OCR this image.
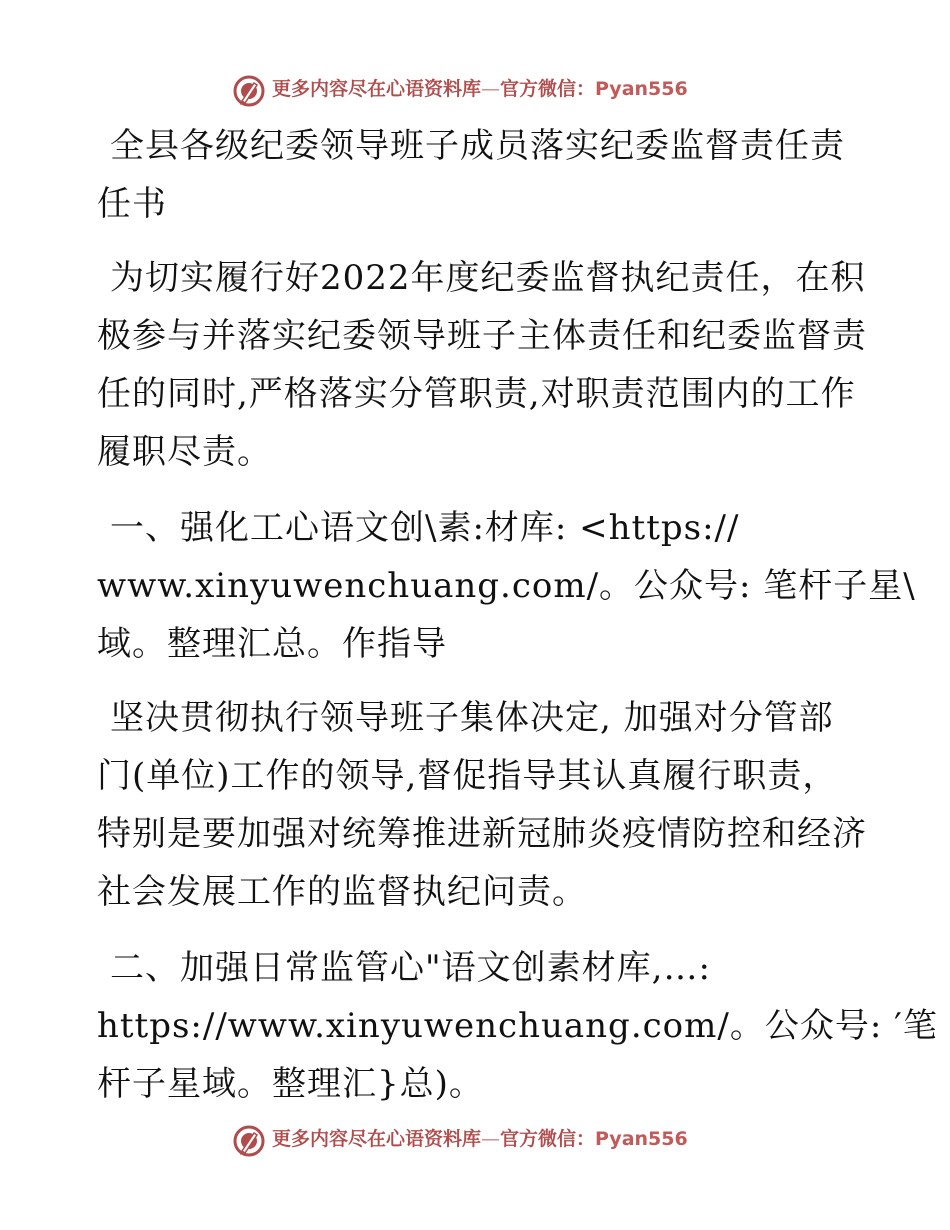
更多内容尽在心语资料库—官方微信：Pyan556
全县各级纪委领导班子成员落实纪委监督责任责
任书
为切实履行好2022年度纪委监督执纪责任，在积
极参与并落实纪委领导班子主体责任和纪委监督责
任的同时,严格落实分管职责,对职责范围内的工作
履职尽责。
一、强化工心语文创\素:材库: <https://
www.xinyuwenchuang.com/。公众号: 笔杆子星\
域。整理汇总。作指导
坚决贯彻执行领导班子集体决定, 加强对分管部
门(单位)工作的领导,督促指导其认真履行职责，
特别是要加强对统筹推进新冠肺炎疫情防控和经济
社会发展工作的监督执纪问责。
二、加强日常监管心"语文创素材库,…:
https://www.xinyuwenchuang.com/。公众号: ′笔
杆子星域。整理汇}总)。
更多内容尽在心语资料库—官方微信：Pyan556
